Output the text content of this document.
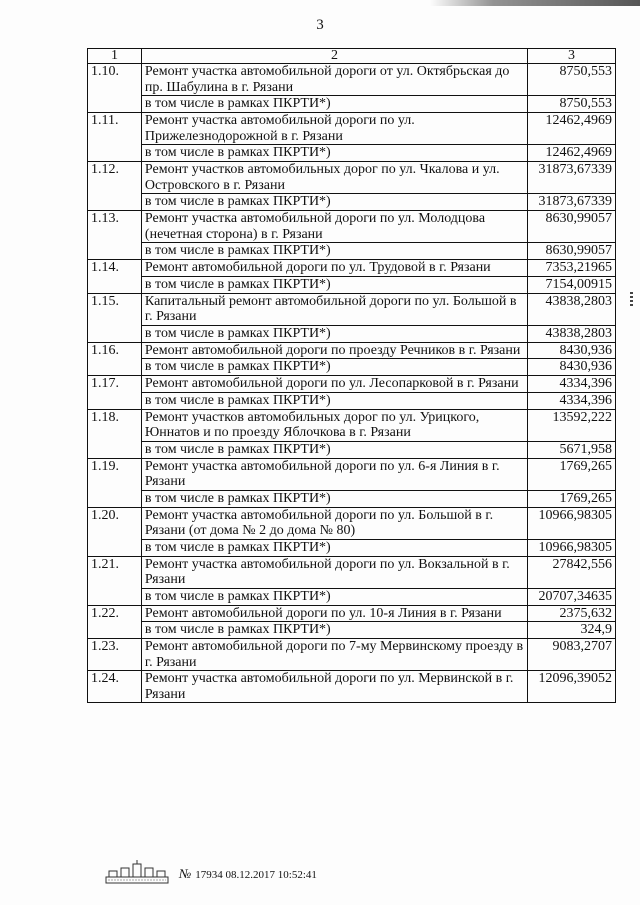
3
1	2	3
1.10.	Ремонт участка автомобильной дороги от ул. Октябрьская до пр. Шабулина в г. Рязани	8750,553
	в том числе в рамках ПКРТИ*)	8750,553
1.11.	Ремонт участка автомобильной дороги по ул. Прижелезнодорожной в г. Рязани	12462,4969
	в том числе в рамках ПКРТИ*)	12462,4969
1.12.	Ремонт участков автомобильных дорог по ул. Чкалова и ул. Островского в г. Рязани	31873,67339
	в том числе в рамках ПКРТИ*)	31873,67339
1.13.	Ремонт участка автомобильной дороги по ул. Молодцова (нечетная сторона) в г. Рязани	8630,99057
	в том числе в рамках ПКРТИ*)	8630,99057
1.14.	Ремонт автомобильной дороги по ул. Трудовой в г. Рязани	7353,21965
	в том числе в рамках ПКРТИ*)	7154,00915
1.15.	Капитальный ремонт автомобильной дороги по ул. Большой в г. Рязани	43838,2803
	в том числе в рамках ПКРТИ*)	43838,2803
1.16.	Ремонт автомобильной дороги по проезду Речников в г. Рязани	8430,936
	в том числе в рамках ПКРТИ*)	8430,936
1.17.	Ремонт автомобильной дороги по ул. Лесопарковой в г. Рязани	4334,396
	в том числе в рамках ПКРТИ*)	4334,396
1.18.	Ремонт участков автомобильных дорог по ул. Урицкого, Юннатов и по проезду Яблочкова в г. Рязани	13592,222
	в том числе в рамках ПКРТИ*)	5671,958
1.19.	Ремонт участка автомобильной дороги по ул. 6-я Линия в г. Рязани	1769,265
	в том числе в рамках ПКРТИ*)	1769,265
1.20.	Ремонт участка автомобильной дороги по ул. Большой в г. Рязани (от дома № 2 до дома № 80)	10966,98305
	в том числе в рамках ПКРТИ*)	10966,98305
1.21.	Ремонт участка автомобильной дороги по ул. Вокзальной в г. Рязани	27842,556
	в том числе в рамках ПКРТИ*)	20707,34635
1.22.	Ремонт автомобильной дороги по ул. 10-я Линия в г. Рязани	2375,632
	в том числе в рамках ПКРТИ*)	324,9
1.23.	Ремонт автомобильной дороги по 7-му Мервинскому проезду в г. Рязани	9083,2707
1.24.	Ремонт участка автомобильной дороги по ул. Мервинской в г. Рязани	12096,39052
№ 17934 08.12.2017 10:52:41
